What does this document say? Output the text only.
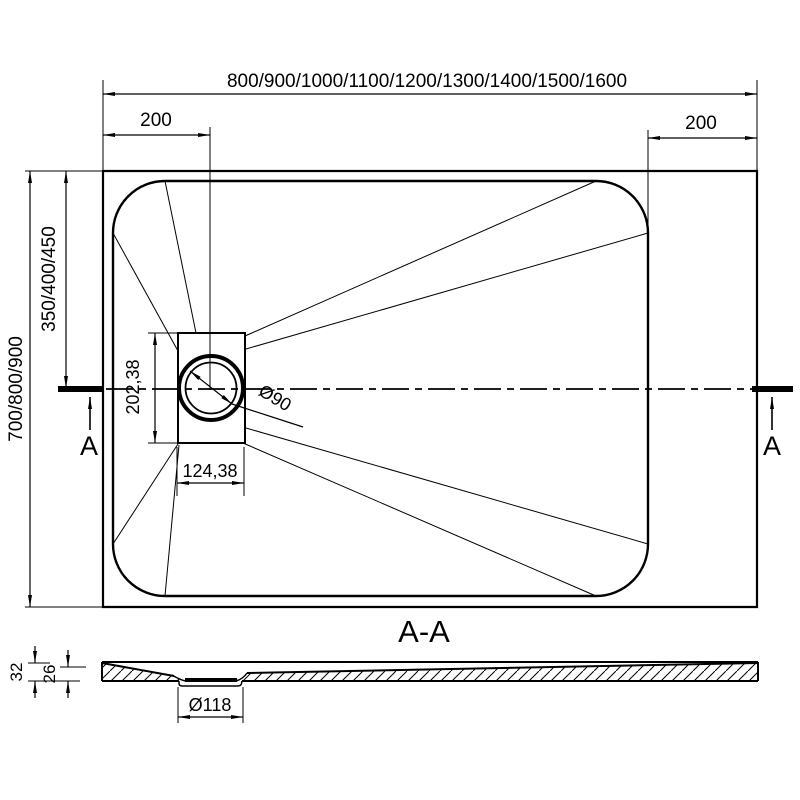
800/900/1000/1100/1200/1300/1400/1500/1600
200	200
700/800/900
350/400/450
202,38
124,38
Ø90
A	A
A-A
32 26
Ø118
